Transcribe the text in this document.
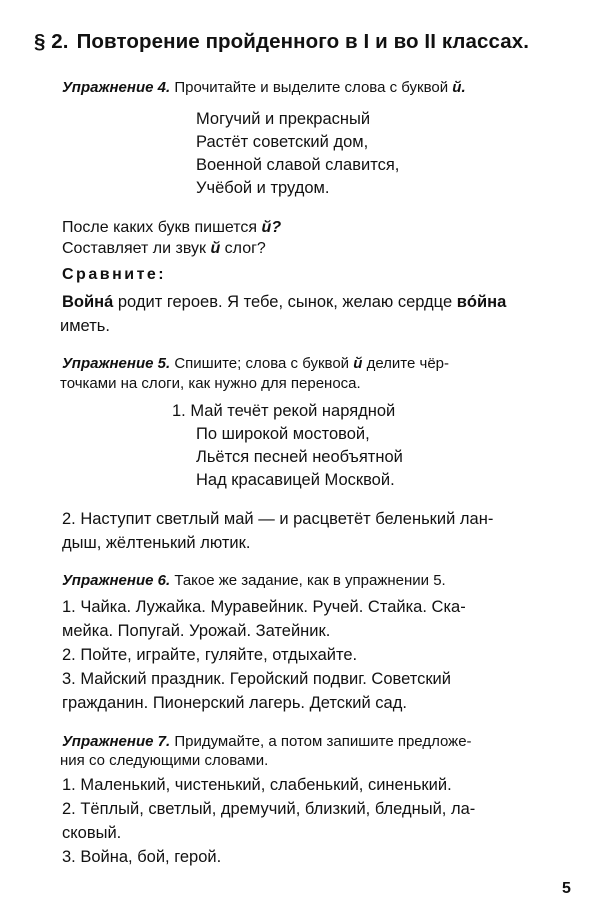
§ 2. Повторение пройденного в I и во II классах.
Упражнение 4. Прочитайте и выделите слова с буквой й.
Могучий и прекрасный
Растёт советский дом,
Военной славой славится,
Учёбой и трудом.
После каких букв пишется й?
Составляет ли звук й слог?
Сравните:
Войнá родит героев. Я тебе, сынок, желаю сердце вóйна
иметь.
Упражнение 5. Спишите; слова с буквой й делите чёр-
точками на слоги, как нужно для переноса.
1. Май течёт рекой нарядной
По широкой мостовой,
Льётся песней необъятной
Над красавицей Москвой.
2. Наступит светлый май — и расцветёт беленький лан-
дыш, жёлтенький лютик.
Упражнение 6. Такое же задание, как в упражнении 5.
1. Чайка. Лужайка. Муравейник. Ручей. Стайка. Ска-
мейка. Попугай. Урожай. Затейник.
2. Пойте, играйте, гуляйте, отдыхайте.
3. Майский праздник. Геройский подвиг. Советский
гражданин. Пионерский лагерь. Детский сад.
Упражнение 7. Придумайте, а потом запишите предложе-
ния со следующими словами.
1. Маленький, чистенький, слабенький, синенький.
2. Тёплый, светлый, дремучий, близкий, бледный, ла-
сковый.
3. Война, бой, герой.
5
